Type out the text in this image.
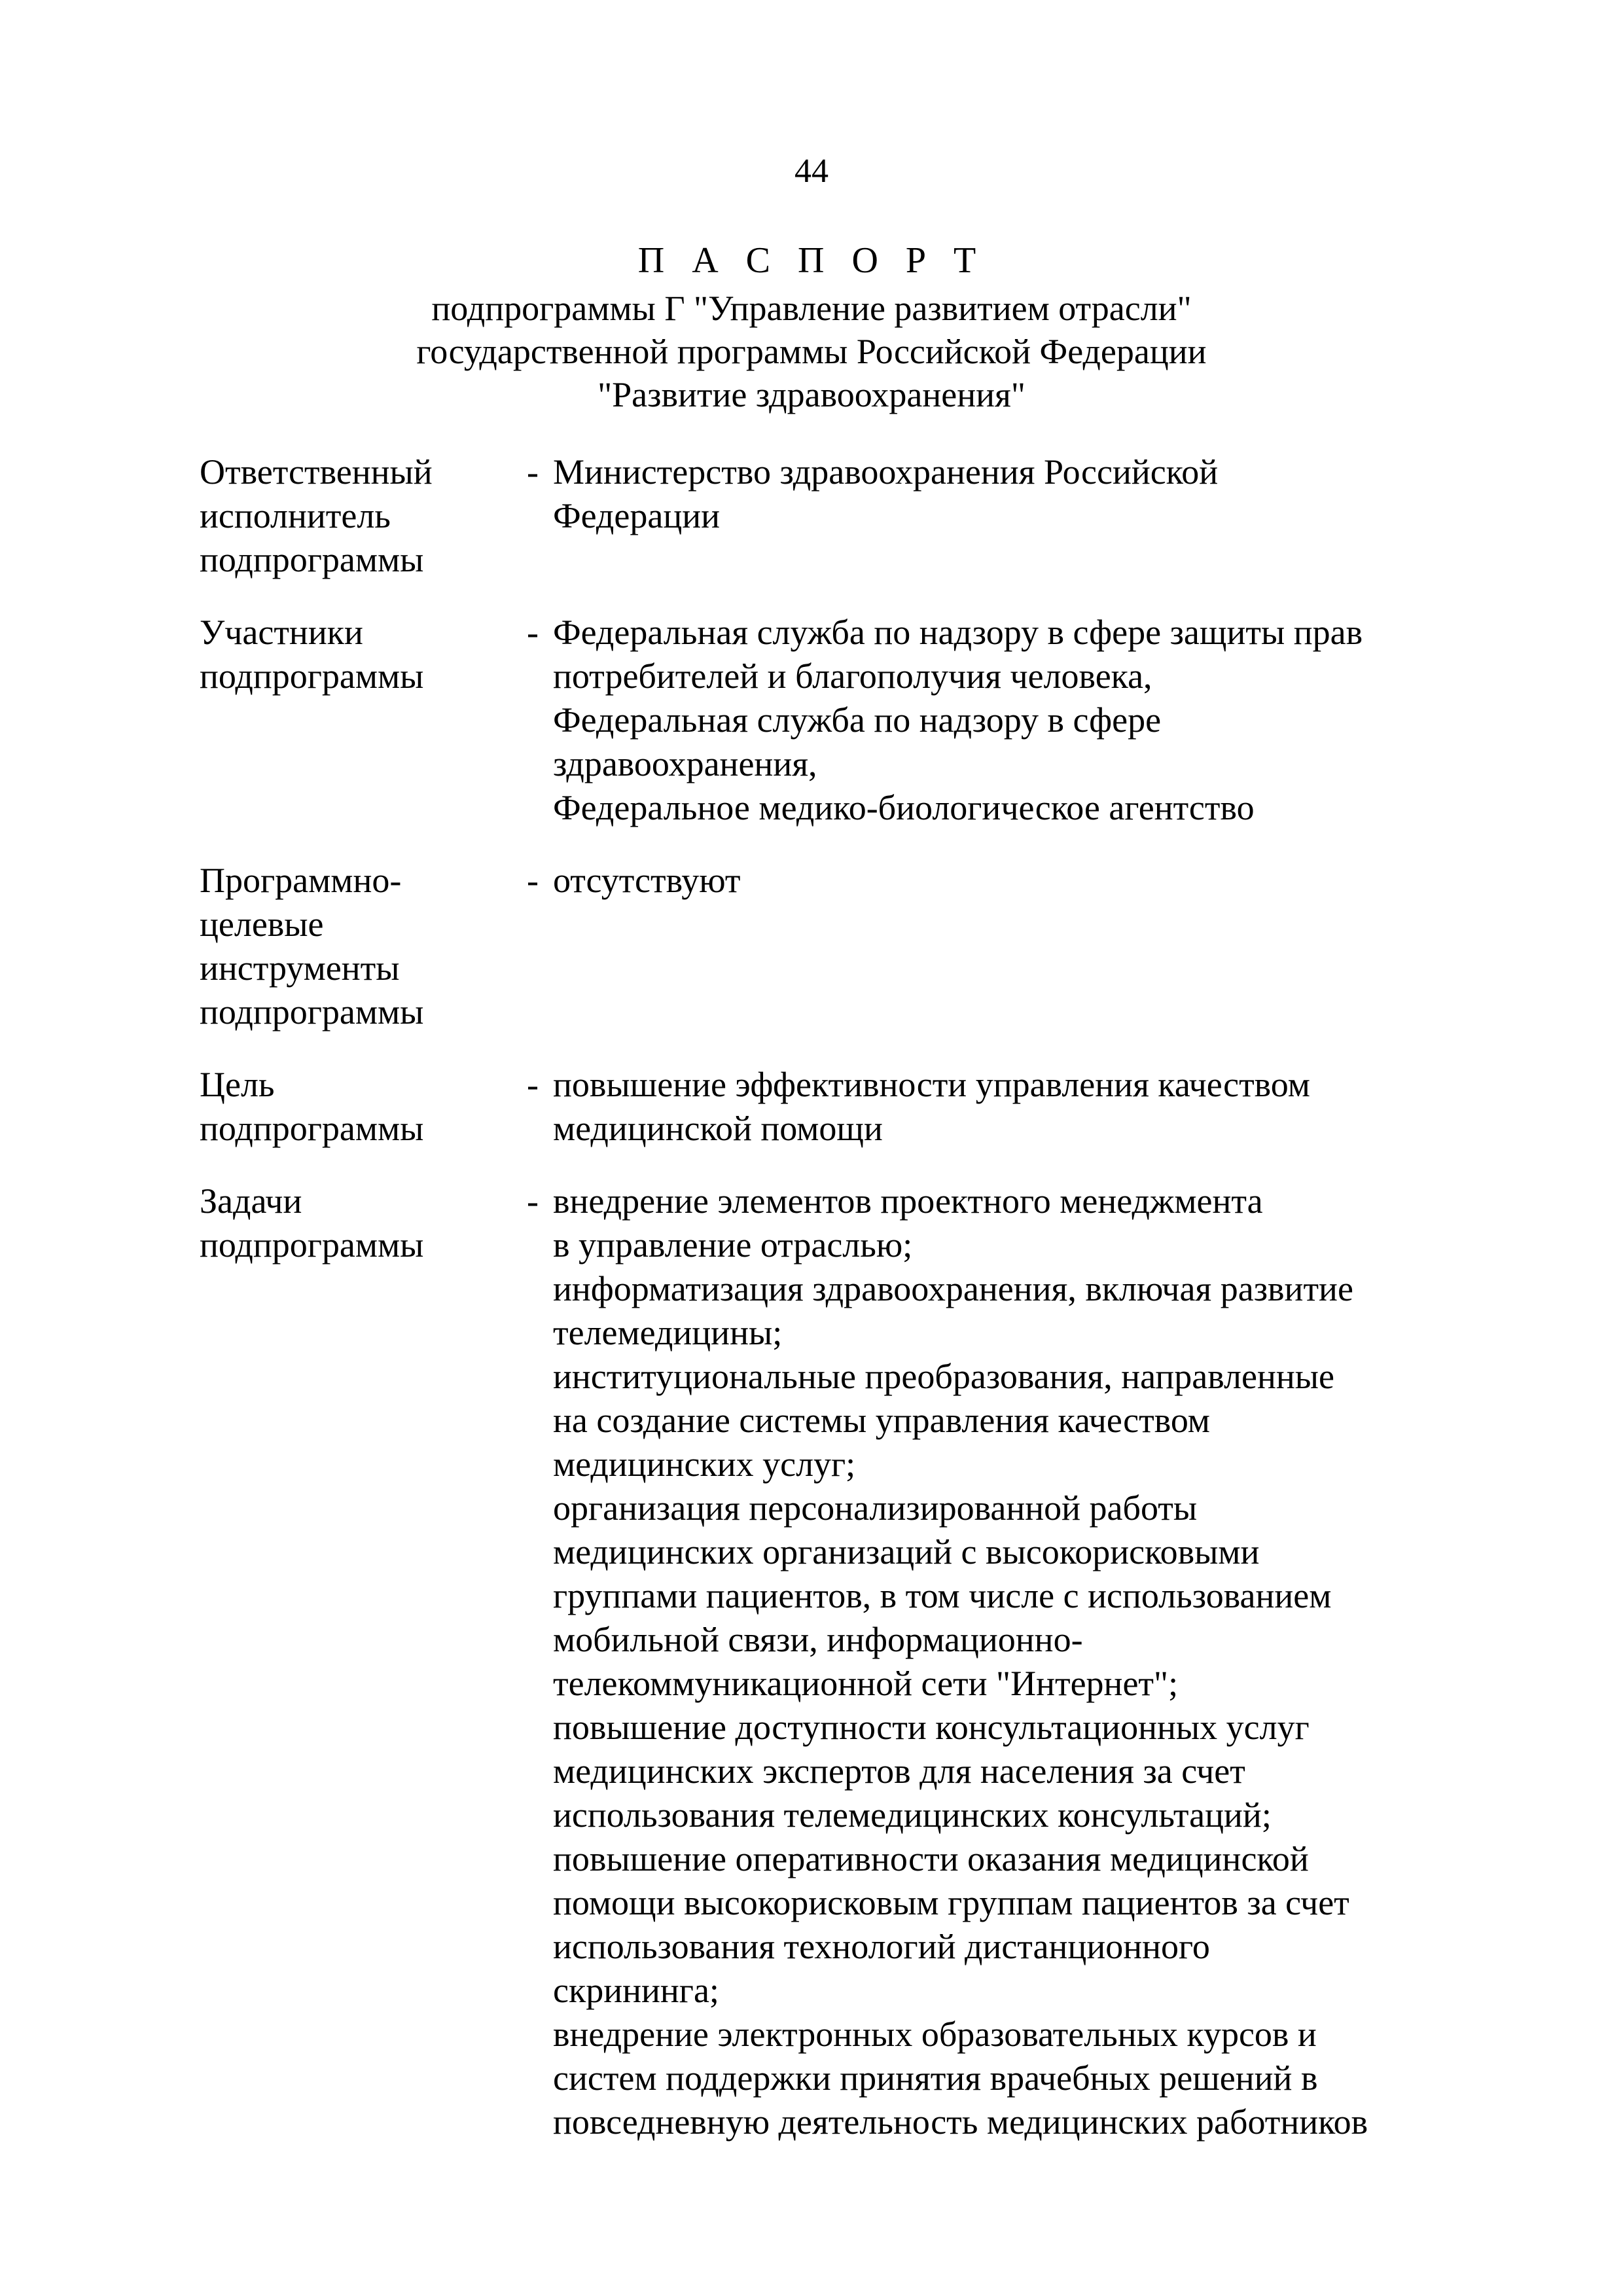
44

П А С П О Р Т

подпрограммы Г "Управление развитием отрасли"

государственной программы Российской Федерации

"Развитие здравоохранения"

Ответственный
исполнитель
подпрограммы
- Министерство здравоохранения Российской
Федерации
Участники
подпрограммы
- Федеральная служба по надзору в сфере защиты прав
потребителей и благополучия человека,
Федеральная служба по надзору в сфере
здравоохранения,
Федеральное медико-биологическое агентство
Программно-
целевые
инструменты
подпрограммы
- отсутствуют
Цель
подпрограммы
- повышение эффективности управления качеством
медицинской помощи
Задачи
подпрограммы
- внедрение элементов проектного менеджмента
в управление отраслью;
информатизация здравоохранения, включая развитие
телемедицины;
институциональные преобразования, направленные
на создание системы управления качеством
медицинских услуг;
организация персонализированной работы
медицинских организаций с высокорисковыми
группами пациентов, в том числе с использованием
мобильной связи, информационно-
телекоммуникационной сети "Интернет";
повышение доступности консультационных услуг
медицинских экспертов для населения за счет
использования телемедицинских консультаций;
повышение оперативности оказания медицинской
помощи высокорисковым группам пациентов за счет
использования технологий дистанционного
скрининга;
внедрение электронных образовательных курсов и
систем поддержки принятия врачебных решений в
повседневную деятельность медицинских работников
